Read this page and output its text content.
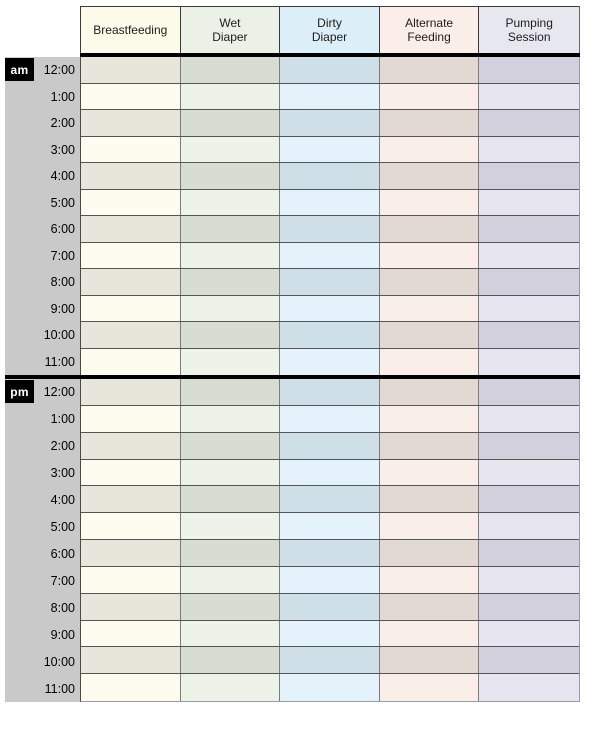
Breastfeeding	Wet
Diaper
Dirty
Diaper
Alternate
Feeding
Pumping
Session
12:00
1:00
2:00
3:00
4:00
5:00
6:00
7:00
8:00
9:00
10:00
11:00
12:00
1:00
2:00
3:00
4:00
5:00
6:00
7:00
8:00
9:00
10:00
11:00
am
pm
